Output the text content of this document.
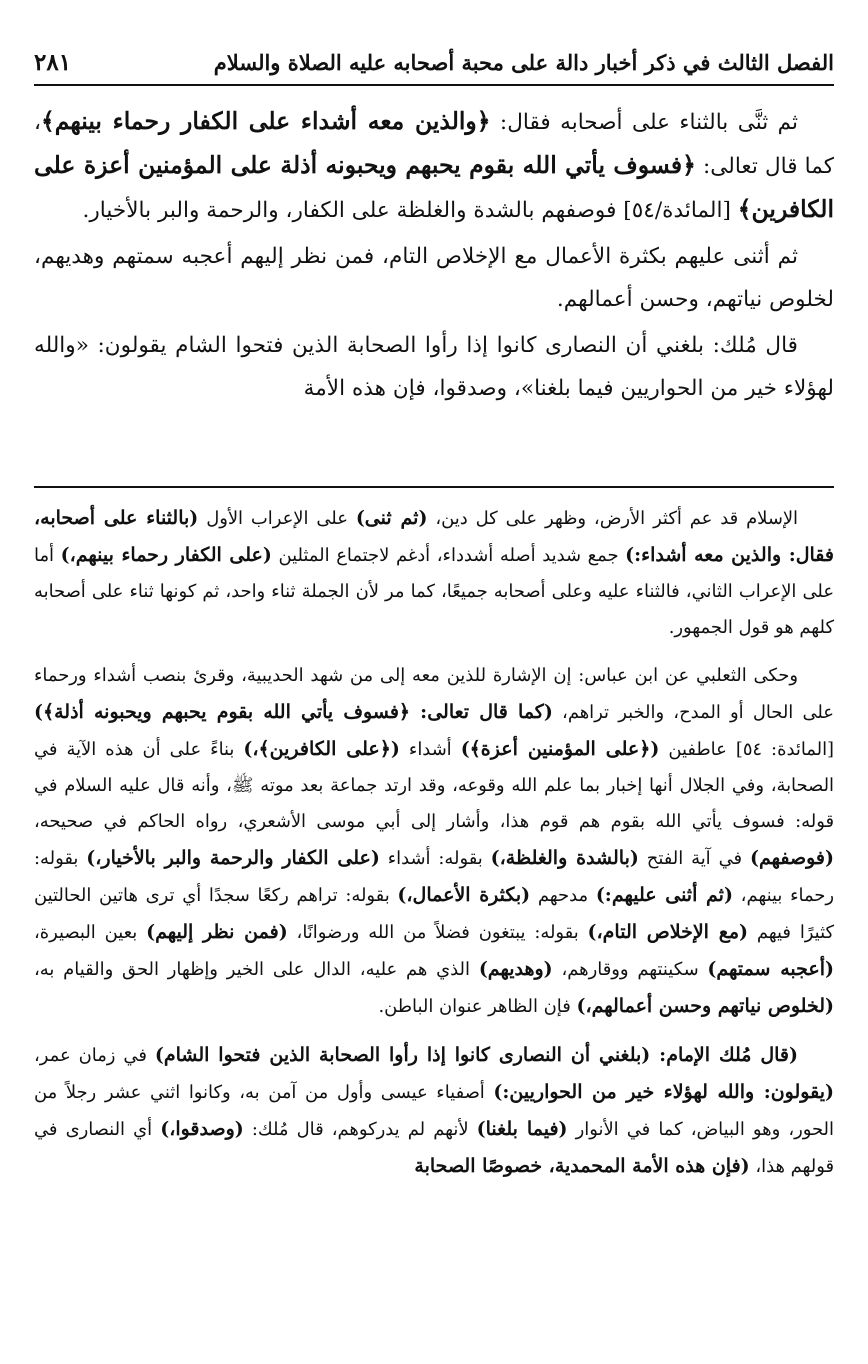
الفصل الثالث في ذكر أخبار دالة على محبة أصحابه عليه الصلاة والسلام
٢٨١

ثم ثنَّى بالثناء على أصحابه فقال: ﴿والذين معه أشداء على الكفار رحماء بينهم﴾، كما قال تعالى: ﴿فسوف يأتي الله بقوم يحبهم ويحبونه أذلة على المؤمنين أعزة على الكافرين﴾ [المائدة/٥٤] فوصفهم بالشدة والغلظة على الكفار، والرحمة والبر بالأخيار.

ثم أثنى عليهم بكثرة الأعمال مع الإخلاص التام، فمن نظر إليهم أعجبه سمتهم وهديهم، لخلوص نياتهم، وحسن أعمالهم.

قال مُلك: بلغني أن النصارى كانوا إذا رأوا الصحابة الذين فتحوا الشام يقولون: «والله لهؤلاء خير من الحواريين فيما بلغنا»، وصدقوا، فإن هذه الأمة

الإسلام قد عم أكثر الأرض، وظهر على كل دين، (ثم ثنى) على الإعراب الأول (بالثناء على أصحابه، فقال: والذين معه أشداء:) جمع شديد أصله أشدداء، أدغم لاجتماع المثلين (على الكفار رحماء بينهم،) أما على الإعراب الثاني، فالثناء عليه وعلى أصحابه جميعًا، كما مر لأن الجملة ثناء واحد، ثم كونها ثناء على أصحابه كلهم هو قول الجمهور.

وحكى الثعلبي عن ابن عباس: إن الإشارة للذين معه إلى من شهد الحديبية، وقرئ بنصب أشداء ورحماء على الحال أو المدح، والخبر تراهم، (كما قال تعالى: ﴿فسوف يأتي الله بقوم يحبهم ويحبونه أذلة﴾) [المائدة: ٥٤] عاطفين (﴿على المؤمنين أعزة﴾) أشداء (﴿على الكافرين﴾،) بناءً على أن هذه الآية في الصحابة، وفي الجلال أنها إخبار بما علم الله وقوعه، وقد ارتد جماعة بعد موته ﷺ، وأنه قال عليه السلام في قوله: فسوف يأتي الله بقوم هم قوم هذا، وأشار إلى أبي موسى الأشعري، رواه الحاكم في صحيحه، (فوصفهم) في آية الفتح (بالشدة والغلظة،) بقوله: أشداء (على الكفار والرحمة والبر بالأخيار،) بقوله: رحماء بينهم، (ثم أثنى عليهم:) مدحهم (بكثرة الأعمال،) بقوله: تراهم ركعًا سجدًا أي ترى هاتين الحالتين كثيرًا فيهم (مع الإخلاص التام،) بقوله: يبتغون فضلاً من الله ورضوانًا، (فمن نظر إليهم) بعين البصيرة، (أعجبه سمتهم) سكينتهم ووقارهم، (وهديهم) الذي هم عليه، الدال على الخير وإظهار الحق والقيام به، (لخلوص نياتهم وحسن أعمالهم،) فإن الظاهر عنوان الباطن.

(قال مُلك الإمام: (بلغني أن النصارى كانوا إذا رأوا الصحابة الذين فتحوا الشام) في زمان عمر، (يقولون: والله لهؤلاء خير من الحواريين:) أصفياء عيسى وأول من آمن به، وكانوا اثني عشر رجلاً من الحور، وهو البياض، كما في الأنوار (فيما بلغنا) لأنهم لم يدركوهم، قال مُلك: (وصدقوا،) أي النصارى في قولهم هذا، (فإن هذه الأمة المحمدية، خصوصًا الصحابة
